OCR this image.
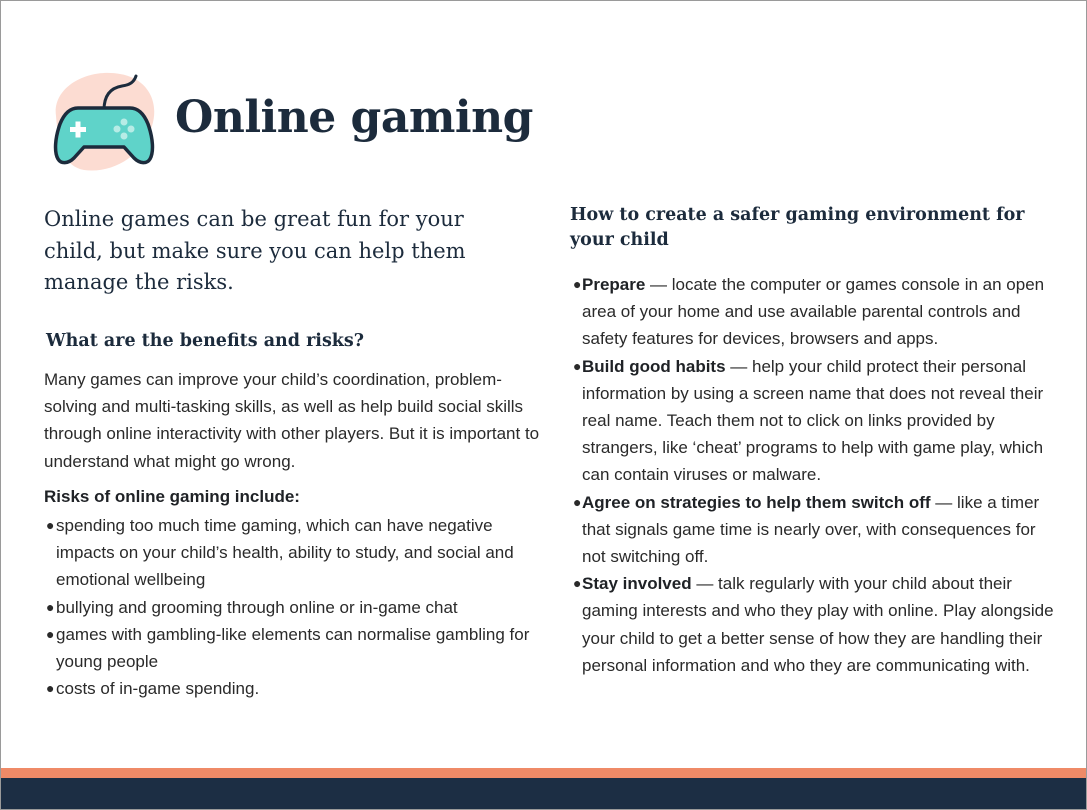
Online gaming

Online games can be great fun for your child, but make sure you can help them manage the risks.

What are the benefits and risks?

Many games can improve your child’s coordination, problem-solving and multi-tasking skills, as well as help build social skills through online interactivity with other players. But it is important to understand what might go wrong.

Risks of online gaming include:

● spending too much time gaming, which can have negative impacts on your child’s health, ability to study, and social and emotional wellbeing
● bullying and grooming through online or in-game chat
● games with gambling-like elements can normalise gambling for young people
● costs of in-game spending.
How to create a safer gaming environment for your child
● Prepare — locate the computer or games console in an open area of your home and use available parental controls and safety features for devices, browsers and apps.
● Build good habits — help your child protect their personal information by using a screen name that does not reveal their real name. Teach them not to click on links provided by strangers, like ‘cheat’ programs to help with game play, which can contain viruses or malware.
● Agree on strategies to help them switch off — like a timer that signals game time is nearly over, with consequences for not switching off.
● Stay involved — talk regularly with your child about their gaming interests and who they play with online. Play alongside your child to get a better sense of how they are handling their personal information and who they are communicating with.
